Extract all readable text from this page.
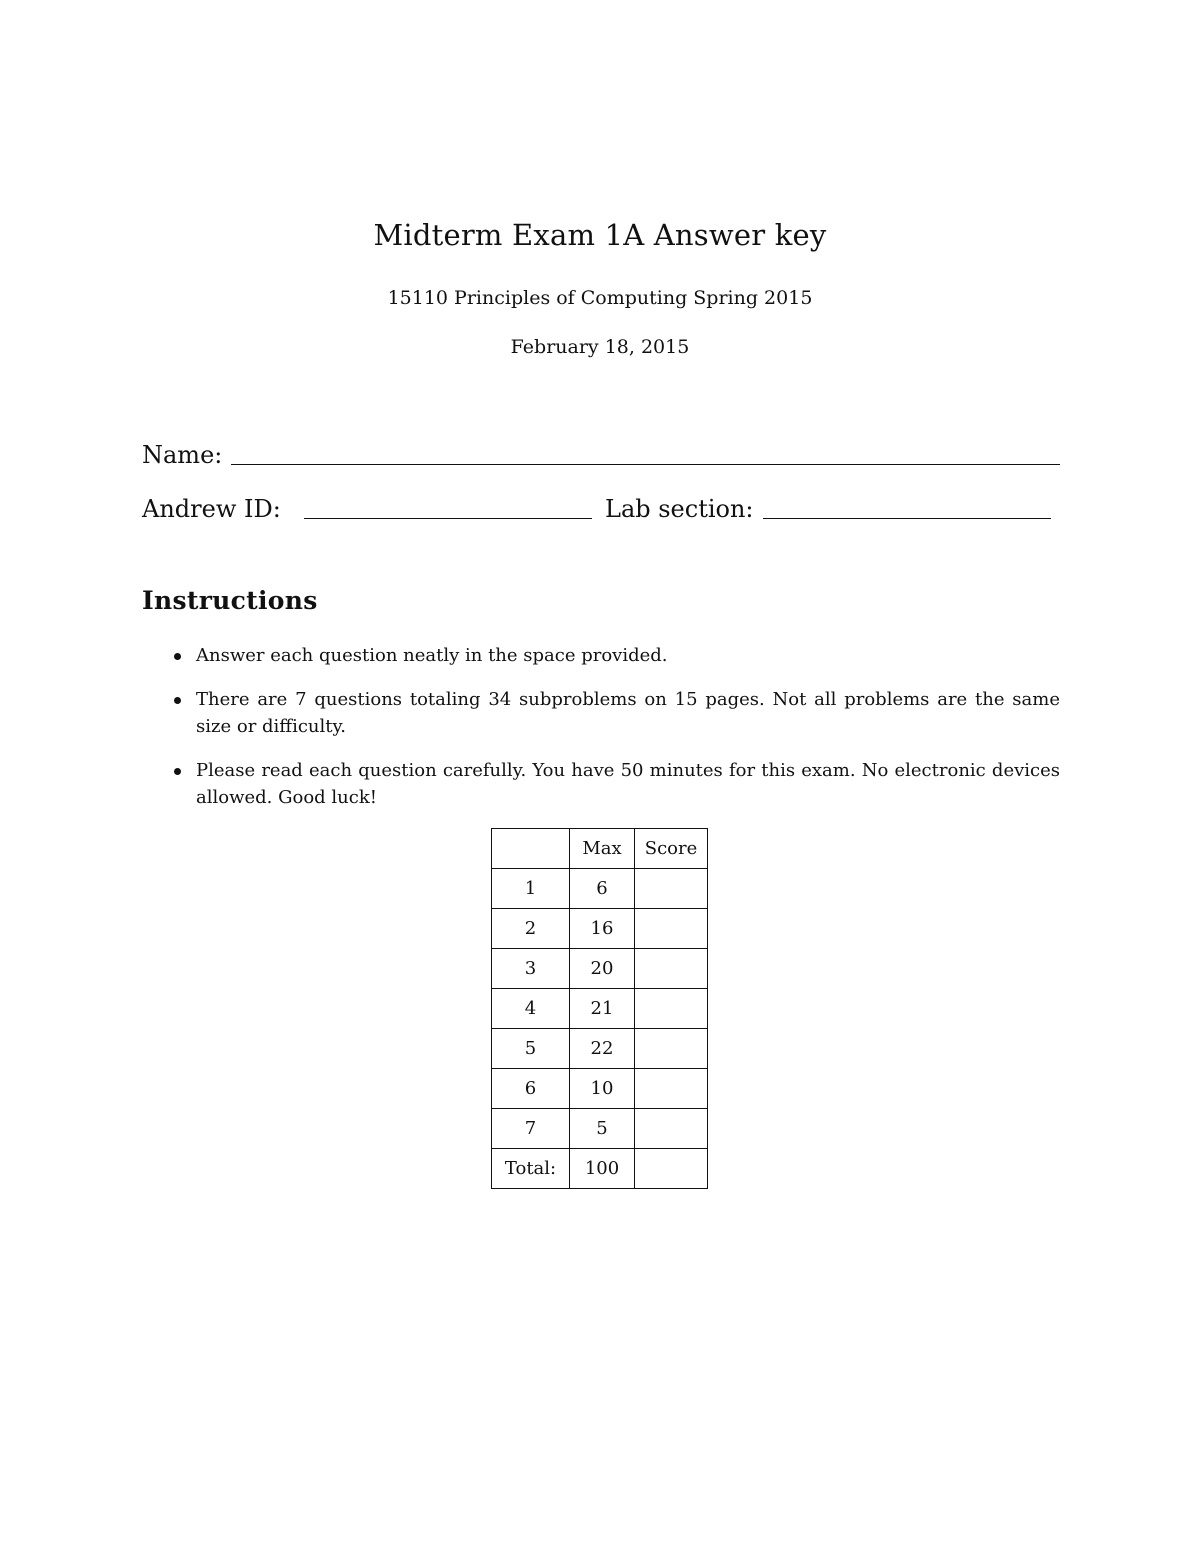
Midterm Exam 1A Answer key
15110 Principles of Computing Spring 2015
February 18, 2015
Name:
Andrew ID:	Lab section:
Instructions
Answer each question neatly in the space provided.
There are 7 questions totaling 34 subproblems on 15 pages. Not all problems are the same size or difficulty.
Please read each question carefully. You have 50 minutes for this exam. No electronic devices allowed. Good luck!
	Max	Score
1	6	
2	16	
3	20	
4	21	
5	22	
6	10	
7	5	
Total:	100	
